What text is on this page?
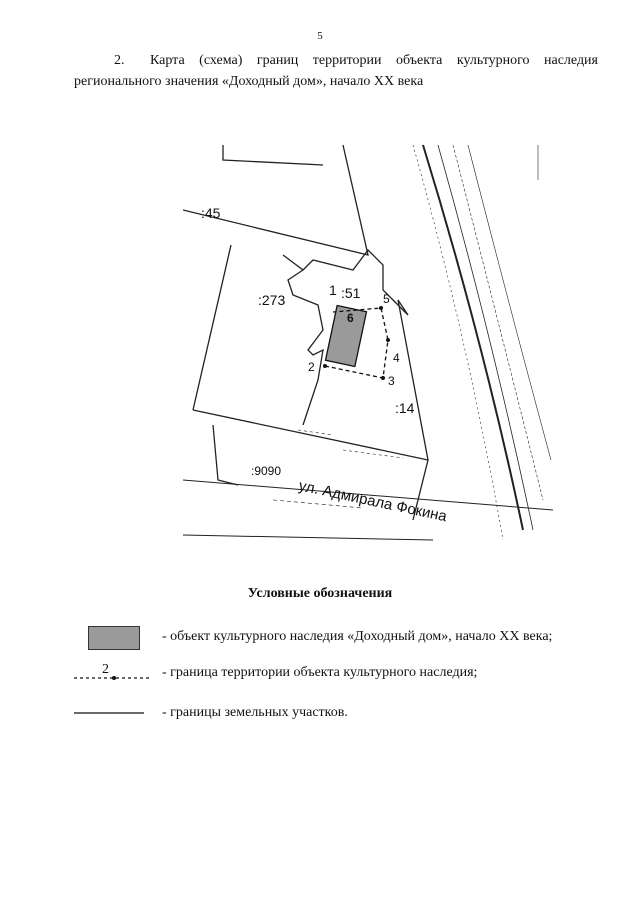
5
2.	Карта (схема) границ территории объекта культурного наследия
регионального значения «Доходный дом», начало XX века
:45
:273
1 :51
:14
:9090
2
3
4
5
6
ул. Адмирала Фокина
Условные обозначения
- объект культурного наследия «Доходный дом», начало XX века;
2	- граница территории объекта культурного наследия;
- границы земельных участков.
